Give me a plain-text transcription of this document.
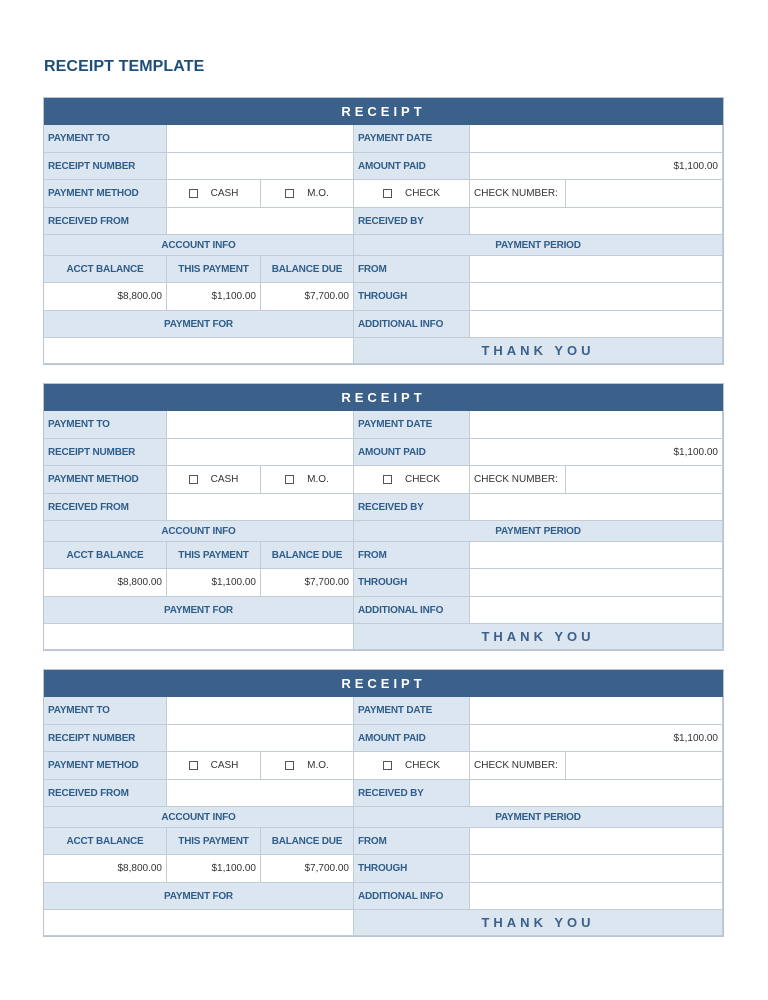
RECEIPT TEMPLATE
RECEIPT
PAYMENT TO	PAYMENT DATE
RECEIPT NUMBER	AMOUNT PAID	$1,100.00
PAYMENT METHOD	CASH	M.O.	CHECK	CHECK NUMBER:
RECEIVED FROM	RECEIVED BY
ACCOUNT INFO	PAYMENT PERIOD
ACCT BALANCE	THIS PAYMENT	BALANCE DUE	FROM
$8,800.00	$1,100.00	$7,700.00 THROUGH
PAYMENT FOR	ADDITIONAL INFO
THANK YOU
RECEIPT
PAYMENT TO	PAYMENT DATE
RECEIPT NUMBER	AMOUNT PAID	$1,100.00
PAYMENT METHOD	CASH	M.O.	CHECK	CHECK NUMBER:
RECEIVED FROM	RECEIVED BY
ACCOUNT INFO	PAYMENT PERIOD
ACCT BALANCE	THIS PAYMENT	BALANCE DUE	FROM
$8,800.00	$1,100.00	$7,700.00 THROUGH
PAYMENT FOR	ADDITIONAL INFO
THANK YOU
RECEIPT
PAYMENT TO	PAYMENT DATE
RECEIPT NUMBER	AMOUNT PAID	$1,100.00
PAYMENT METHOD	CASH	M.O.	CHECK	CHECK NUMBER:
RECEIVED FROM	RECEIVED BY
ACCOUNT INFO	PAYMENT PERIOD
ACCT BALANCE	THIS PAYMENT	BALANCE DUE	FROM
$8,800.00	$1,100.00	$7,700.00 THROUGH
PAYMENT FOR	ADDITIONAL INFO
THANK YOU
